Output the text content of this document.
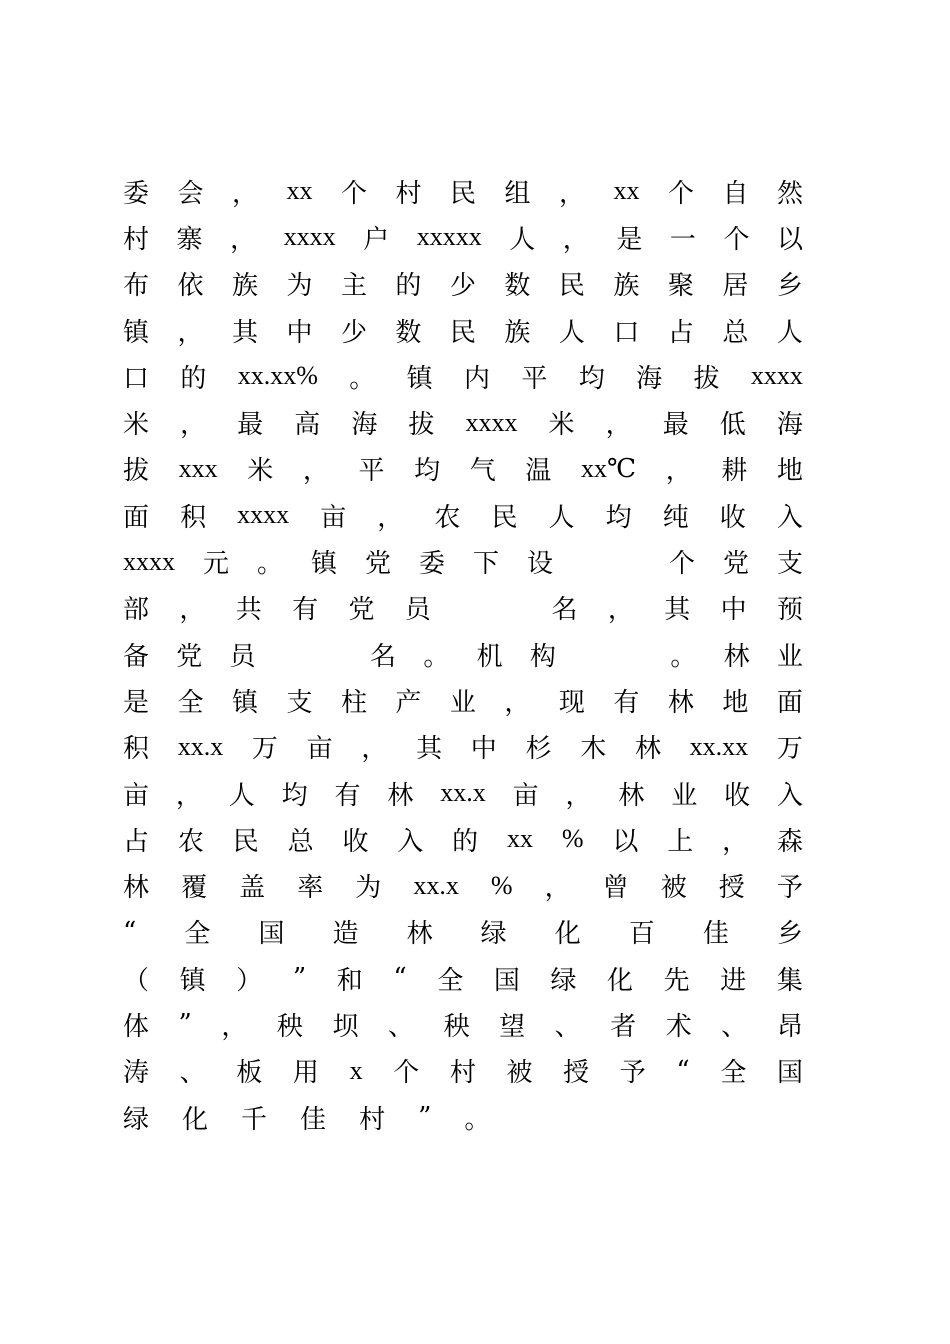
委 会 ， xx 个 村 民 组 ， xx 个 自 然
村 寨 ， xxxx 户 xxxxx 人 ， 是 一 个 以
布 依 族 为 主 的 少 数 民 族 聚 居 乡
镇 ， 其 中 少 数 民 族 人 口 占 总 人
口 的 xx.xx% 。 镇 内 平 均 海 拔 xxxx
米 ， 最 高 海 拔 xxxx 米 ， 最 低 海
拔 xxx 米 ， 平 均 气 温 xx℃ ， 耕 地
面 积 xxxx 亩 ， 农 民 人 均 纯 收 入
xxxx 元 。 镇 党 委 下 设	个 党 支
部 ， 共 有 党 员	名 ， 其 中 预
备 党 员	名 。 机 构	。 林 业
是 全 镇 支 柱 产 业 ， 现 有 林 地 面
积 xx.x 万 亩 ， 其 中 杉 木 林 xx.xx 万
亩 ， 人 均 有 林 xx.x 亩 ， 林 业 收 入
占 农 民 总 收 入 的 xx % 以 上 ， 森
林 覆 盖 率 为 xx.x % ， 曾 被 授 予
“ 全 国 造 林 绿 化 百 佳 乡
（ 镇 ） ” 和 “ 全 国 绿 化 先 进 集
体 ” ， 秧 坝 、 秧 望 、 者 术 、 昂
涛 、 板 用 x 个 村 被 授 予 “ 全 国
绿 化 千 佳 村 ” 。
